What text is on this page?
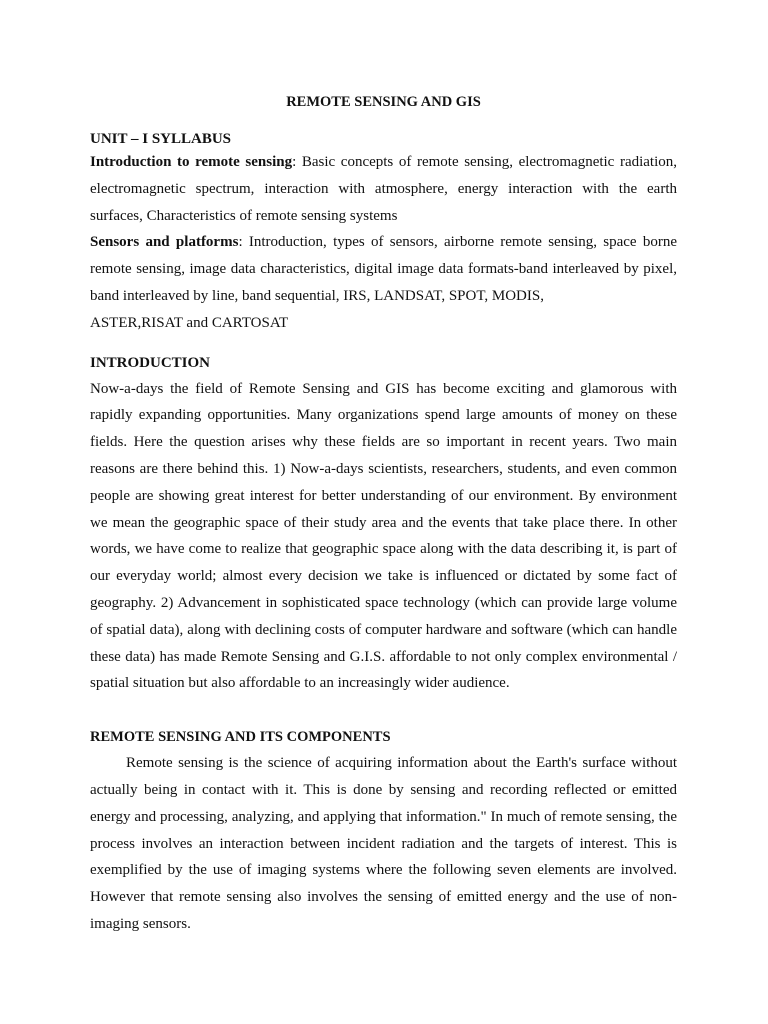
REMOTE SENSING AND GIS
UNIT – I SYLLABUS

Introduction to remote sensing: Basic concepts of remote sensing, electromagnetic radiation, electromagnetic spectrum, interaction with atmosphere, energy interaction with the earth surfaces, Characteristics of remote sensing systems

Sensors and platforms: Introduction, types of sensors, airborne remote sensing, space borne remote sensing, image data characteristics, digital image data formats-band interleaved by pixel, band interleaved by line, band sequential, IRS, LANDSAT, SPOT, MODIS,

ASTER,RISAT and CARTOSAT

INTRODUCTION

Now-a-days the field of Remote Sensing and GIS has become exciting and glamorous with rapidly expanding opportunities. Many organizations spend large amounts of money on these fields. Here the question arises why these fields are so important in recent years. Two main reasons are there behind this. 1) Now-a-days scientists, researchers, students, and even common people are showing great interest for better understanding of our environment. By environment we mean the geographic space of their study area and the events that take place there. In other words, we have come to realize that geographic space along with the data describing it, is part of our everyday world; almost every decision we take is influenced or dictated by some fact of geography. 2) Advancement in sophisticated space technology (which can provide large volume of spatial data), along with declining costs of computer hardware and software (which can handle these data) has made Remote Sensing and G.I.S. affordable to not only complex environmental / spatial situation but also affordable to an increasingly wider audience.

REMOTE SENSING AND ITS COMPONENTS

Remote sensing is the science of acquiring information about the Earth's surface without actually being in contact with it. This is done by sensing and recording reflected or emitted energy and processing, analyzing, and applying that information." In much of remote sensing, the process involves an interaction between incident radiation and the targets of interest. This is exemplified by the use of imaging systems where the following seven elements are involved. However that remote sensing also involves the sensing of emitted energy and the use of non-imaging sensors.
